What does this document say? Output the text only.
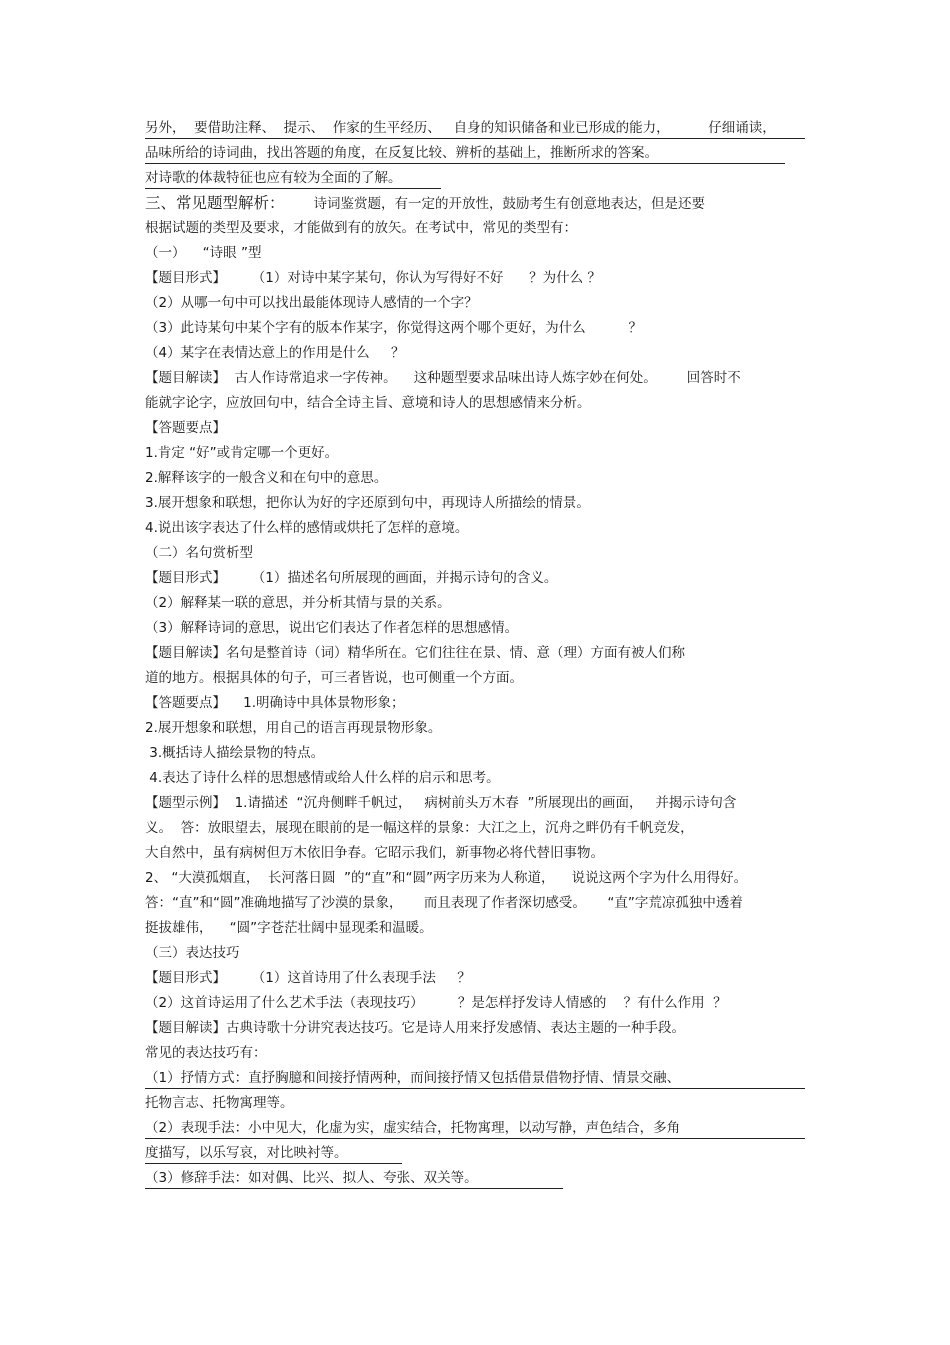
另外，  要借助注释、  提示、  作家的生平经历、   自身的知识储备和业已形成的能力，         仔细诵读，
品味所给的诗词曲，找出答题的角度，在反复比较、辨析的基础上，推断所求的答案。
对诗歌的体裁特征也应有较为全面的了解。
三、常见题型解析： 诗词鉴赏题，有一定的开放性，鼓励考生有创意地表达，但是还要
根据试题的类型及要求，才能做到有的放矢。在考试中，常见的类型有：
（一）    “诗眼 ”型
【题目形式】      （1）对诗中某字某句，你认为写得好不好      ？为什么 ？
（2）从哪一句中可以找出最能体现诗人感情的一个字？
（3）此诗某句中某个字有的版本作某字，你觉得这两个哪个更好，为什么          ？
（4）某字在表情达意上的作用是什么     ？
【题目解读】  古人作诗常追求一字传神。    这种题型要求品味出诗人炼字妙在何处。       回答时不
能就字论字，应放回句中，结合全诗主旨、意境和诗人的思想感情来分析。
【答题要点】
1.肯定 “好”或肯定哪一个更好。
2.解释该字的一般含义和在句中的意思。
3.展开想象和联想，把你认为好的字还原到句中，再现诗人所描绘的情景。
4.说出该字表达了什么样的感情或烘托了怎样的意境。
（二）名句赏析型
【题目形式】      （1）描述名句所展现的画面，并揭示诗句的含义。
（2）解释某一联的意思，并分析其情与景的关系。
（3）解释诗词的意思，说出它们表达了作者怎样的思想感情。
【题目解读】名句是整首诗（词）精华所在。它们往往在景、情、意（理）方面有被人们称
道的地方。根据具体的句子，可三者皆说，也可侧重一个方面。
【答题要点】    1.明确诗中具体景物形象；
2.展开想象和联想，用自己的语言再现景物形象。
3.概括诗人描绘景物的特点。
4.表达了诗什么样的思想感情或给人什么样的启示和思考。
【题型示例】  1.请描述  “沉舟侧畔千帆过，   病树前头万木春  ”所展现出的画面，   并揭示诗句含
义。  答：放眼望去，展现在眼前的是一幅这样的景象：大江之上，沉舟之畔仍有千帆竞发，
大自然中，虽有病树但万木依旧争春。它昭示我们，新事物必将代替旧事物。
2、 “大漠孤烟直，  长河落日圆  ”的“直”和“圆”两字历来为人称道，    说说这两个字为什么用得好。
答：“直”和“圆”准确地描写了沙漠的景象，     而且表现了作者深切感受。     “直”字荒凉孤独中透着
挺拔雄伟，    “圆”字苍茫壮阔中显现柔和温暖。
（三）表达技巧
【题目形式】      （1）这首诗用了什么表现手法     ？
（2）这首诗运用了什么艺术手法（表现技巧）        ？是怎样抒发诗人情感的    ？有什么作用  ？
【题目解读】古典诗歌十分讲究表达技巧。它是诗人用来抒发感情、表达主题的一种手段。
常见的表达技巧有：
（1）抒情方式：直抒胸臆和间接抒情两种，而间接抒情又包括借景借物抒情、情景交融、
托物言志、托物寓理等。
（2）表现手法：小中见大，化虚为实，虚实结合，托物寓理，以动写静，声色结合，多角
度描写，以乐写哀，对比映衬等。
（3）修辞手法：如对偶、比兴、拟人、夸张、双关等。
